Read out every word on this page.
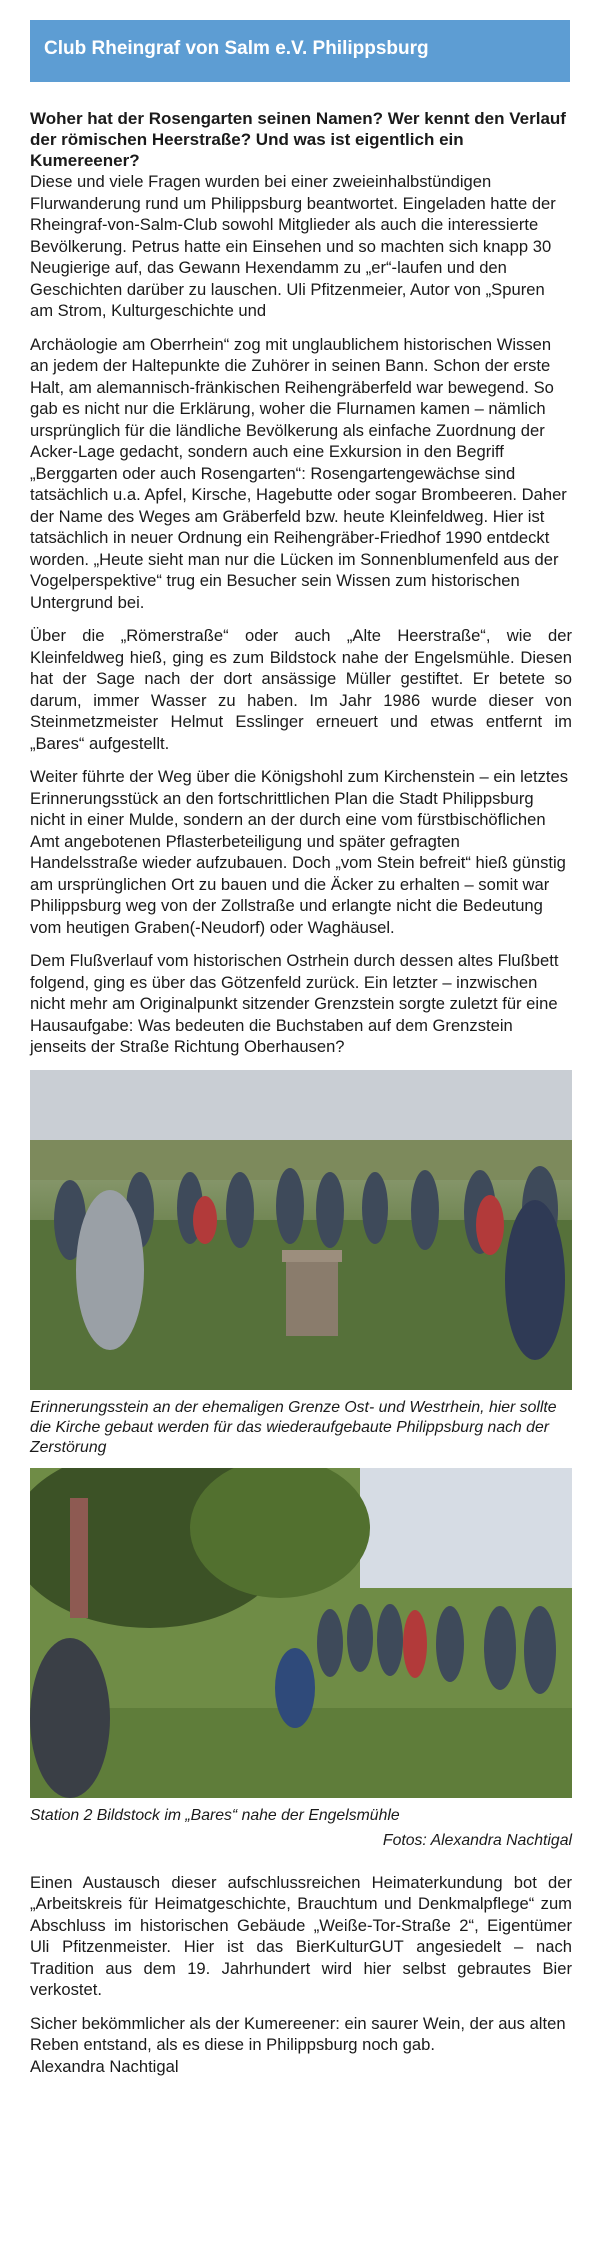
Club Rheingraf von Salm e.V. Philippsburg

Woher hat der Rosengarten seinen Namen? Wer kennt den Verlauf der römischen Heerstraße? Und was ist eigentlich ein Kumereener?

Diese und viele Fragen wurden bei einer zweieinhalbstündigen Flurwanderung rund um Philippsburg beantwortet. Eingeladen hatte der Rheingraf-von-Salm-Club sowohl Mitglieder als auch die interessierte Bevölkerung. Petrus hatte ein Einsehen und so machten sich knapp 30 Neugierige auf, das Gewann Hexendamm zu „er“-laufen und den Geschichten darüber zu lauschen. Uli Pfitzenmeier, Autor von „Spuren am Strom, Kulturgeschichte und

Archäologie am Oberrhein“ zog mit unglaublichem historischen Wissen an jedem der Haltepunkte die Zuhörer in seinen Bann. Schon der erste Halt, am alemannisch-fränkischen Reihengräberfeld war bewegend. So gab es nicht nur die Erklärung, woher die Flurnamen kamen – nämlich ursprünglich für die ländliche Bevölkerung als einfache Zuordnung der Acker-Lage gedacht, sondern auch eine Exkursion in den Begriff „Berggarten oder auch Rosengarten“: Rosengartengewächse sind tatsächlich u.a. Apfel, Kirsche, Hagebutte oder sogar Brombeeren. Daher der Name des Weges am Gräberfeld bzw. heute Kleinfeldweg. Hier ist tatsächlich in neuer Ordnung ein Reihengräber-Friedhof 1990 entdeckt worden. „Heute sieht man nur die Lücken im Sonnenblumenfeld aus der Vogelperspektive“ trug ein Besucher sein Wissen zum historischen Untergrund bei.

Über die „Römerstraße“ oder auch „Alte Heerstraße“, wie der Kleinfeldweg hieß, ging es zum Bildstock nahe der Engelsmühle. Diesen hat der Sage nach der dort ansässige Müller gestiftet. Er betete so darum, immer Wasser zu haben. Im Jahr 1986 wurde dieser von Steinmetzmeister Helmut Esslinger erneuert und etwas entfernt im „Bares“ aufgestellt.

Weiter führte der Weg über die Königshohl zum Kirchenstein – ein letztes Erinnerungsstück an den fortschrittlichen Plan die Stadt Philippsburg nicht in einer Mulde, sondern an der durch eine vom fürstbischöflichen Amt angebotenen Pflasterbeteiligung und später gefragten Handelsstraße wieder aufzubauen. Doch „vom Stein befreit“ hieß günstig am ursprünglichen Ort zu bauen und die Äcker zu erhalten – somit war Philippsburg weg von der Zollstraße und erlangte nicht die Bedeutung vom heutigen Graben(-Neudorf) oder Waghäusel.

Dem Flußverlauf vom historischen Ostrhein durch dessen altes Flußbett folgend, ging es über das Götzenfeld zurück. Ein letzter – inzwischen nicht mehr am Originalpunkt sitzender Grenzstein sorgte zuletzt für eine Hausaufgabe: Was bedeuten die Buchstaben auf dem Grenzstein jenseits der Straße Richtung Oberhausen?

Erinnerungsstein an der ehemaligen Grenze Ost- und Westrhein, hier sollte die Kirche gebaut werden für das wiederaufgebaute Philippsburg nach der Zerstörung

Station 2 Bildstock im „Bares“ nahe der Engelsmühle

Fotos: Alexandra Nachtigal

Einen Austausch dieser aufschlussreichen Heimaterkundung bot der „Arbeitskreis für Heimatgeschichte, Brauchtum und Denkmalpflege“ zum Abschluss im historischen Gebäude „Weiße-Tor-Straße 2“, Eigentümer Uli Pfitzenmeister. Hier ist das BierKulturGUT angesiedelt – nach Tradition aus dem 19. Jahrhundert wird hier selbst gebrautes Bier verkostet.

Sicher bekömmlicher als der Kumereener: ein saurer Wein, der aus alten Reben entstand, als es diese in Philippsburg noch gab.

Alexandra Nachtigal
